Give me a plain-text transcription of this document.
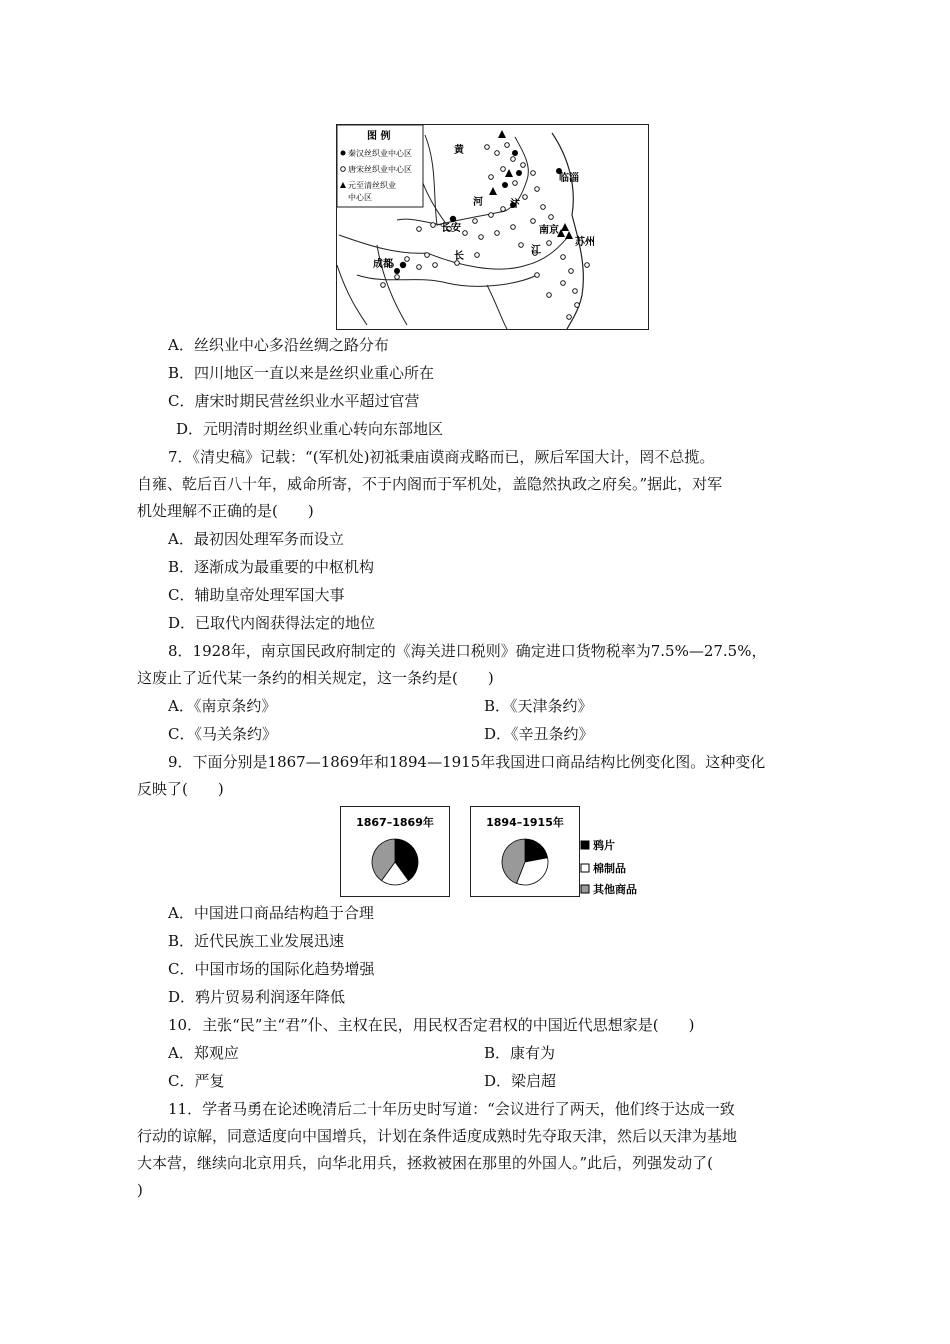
图 例
秦汉丝织业中心区
唐宋丝织业中心区
元至清丝织业
中心区
黄
河
长
江
汴
临淄
长安	南京
苏州
成都
A．丝织业中心多沿丝绸之路分布
B．四川地区一直以来是丝织业重心所在
C．唐宋时期民营丝织业水平超过官营
D．元明清时期丝织业重心转向东部地区
7．《清史稿》记载：“(军机处)初祗秉庙谟商戎略而已，厥后军国大计，罔不总揽。
自雍、乾后百八十年，威命所寄，不于内阁而于军机处，盖隐然执政之府矣。”据此，对军
机处理解不正确的是(　　)
A．最初因处理军务而设立
B．逐渐成为最重要的中枢机构
C．辅助皇帝处理军国大事
D．已取代内阁获得法定的地位
8．1928年，南京国民政府制定的《海关进口税则》确定进口货物税率为7.5%—27.5%，
这废止了近代某一条约的相关规定，这一条约是(　　)
A．《南京条约》	B．《天津条约》
C．《马关条约》	D．《辛丑条约》
9．下面分别是1867—1869年和1894—1915年我国进口商品结构比例变化图。这种变化
反映了(　　)
1867–1869年	1894–1915年
鸦片
棉制品
其他商品
A．中国进口商品结构趋于合理
B．近代民族工业发展迅速
C．中国市场的国际化趋势增强
D．鸦片贸易利润逐年降低
10．主张“民”主“君”仆、主权在民，用民权否定君权的中国近代思想家是(　　)
A．郑观应	B．康有为
C．严复	D．梁启超
11．学者马勇在论述晚清后二十年历史时写道：“会议进行了两天，他们终于达成一致
行动的谅解，同意适度向中国增兵，计划在条件适度成熟时先夺取天津，然后以天津为基地
大本营，继续向北京用兵，向华北用兵，拯救被困在那里的外国人。”此后，列强发动了(
)
